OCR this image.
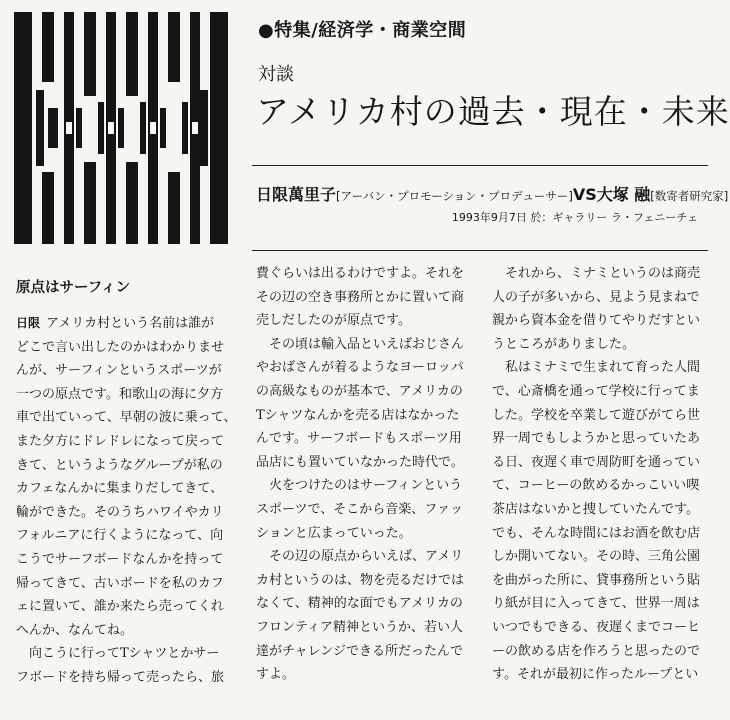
●特集/経済学・商業空間
対談
アメリカ村の過去・現在・未来
日限萬里子[アーバン・プロモーション・プロデューサー]VS大塚 融[数寄者研究家]
1993年9月7日 於：ギャラリー ラ・フェニーチェ
原点はサーフィン
日限 アメリカ村という名前は誰が
どこで言い出したのかはわかりませ
んが、サーフィンというスポーツが
一つの原点です。和歌山の海に夕方
車で出ていって、早朝の波に乗って、
また夕方にドレドレになって戻って
きて、というようなグループが私の
カフェなんかに集まりだしてきて、
輪ができた。そのうちハワイやカリ
フォルニアに行くようになって、向
こうでサーフボードなんかを持って
帰ってきて、古いボードを私のカフ
ェに置いて、誰か来たら売ってくれ
へんか、なんてね。
　向こうに行ってTシャツとかサー
フボードを持ち帰って売ったら、旅
費ぐらいは出るわけですよ。それを
その辺の空き事務所とかに置いて商
売しだしたのが原点です。
　その頃は輸入品といえばおじさん
やおばさんが着るようなヨーロッパ
の高級なものが基本で、アメリカの
Tシャツなんかを売る店はなかった
んです。サーフボードもスポーツ用
品店にも置いていなかった時代で。
　火をつけたのはサーフィンという
スポーツで、そこから音楽、ファッ
ションと広まっていった。
　その辺の原点からいえば、アメリ
カ村というのは、物を売るだけでは
なくて、精神的な面でもアメリカの
フロンティア精神というか、若い人
達がチャレンジできる所だったんで
すよ。
　それから、ミナミというのは商売
人の子が多いから、見よう見まねで
親から資本金を借りてやりだすとい
うところがありました。
　私はミナミで生まれて育った人間
で、心斎橋を通って学校に行ってま
した。学校を卒業して遊びがてら世
界一周でもしようかと思っていたあ
る日、夜遅く車で周防町を通ってい
て、コーヒーの飲めるかっこいい喫
茶店はないかと捜していたんです。
でも、そんな時間にはお酒を飲む店
しか開いてない。その時、三角公園
を曲がった所に、貸事務所という貼
り紙が目に入ってきて、世界一周は
いつでもできる、夜遅くまでコーヒ
ーの飲める店を作ろうと思ったので
す。それが最初に作ったループとい
